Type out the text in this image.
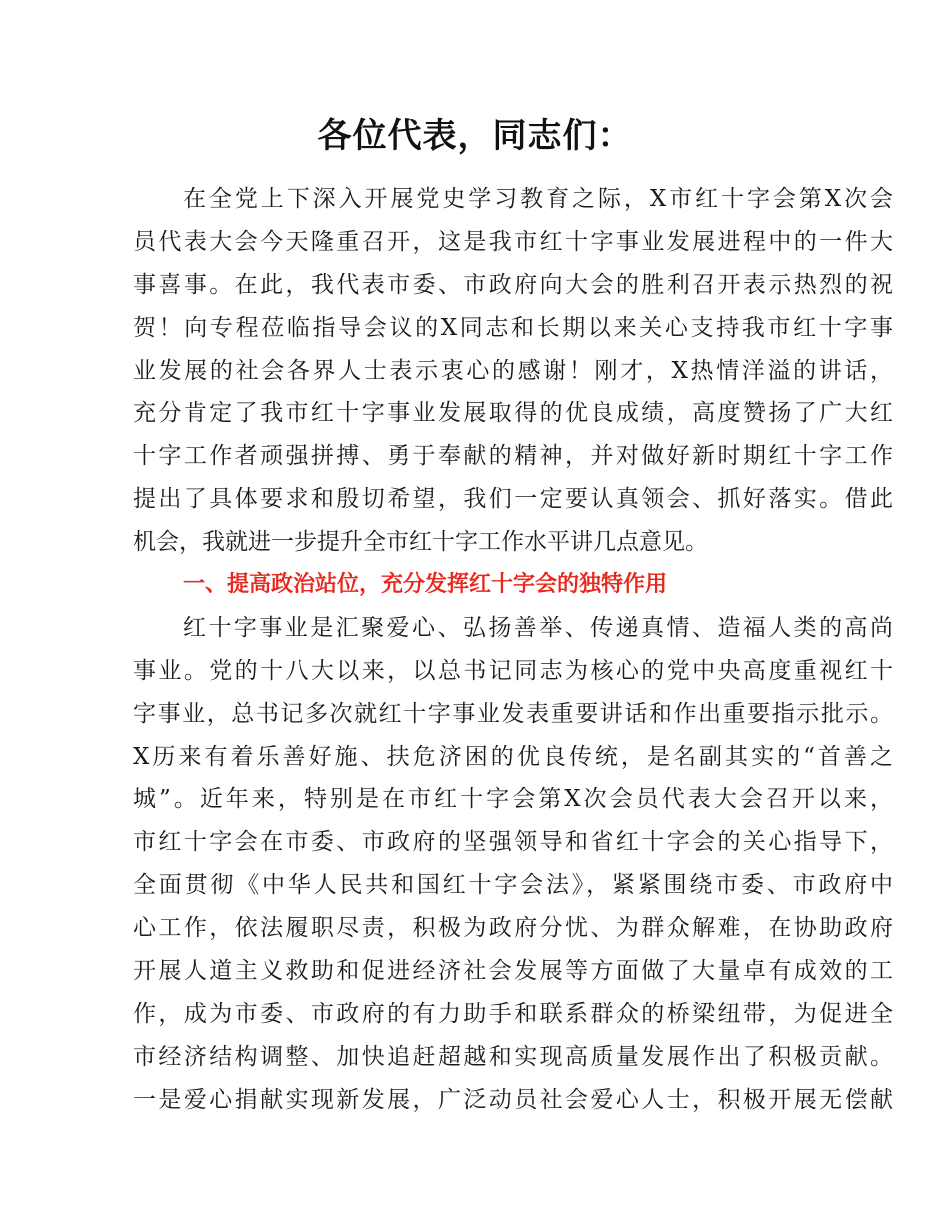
各位代表，同志们：
在全党上下深入开展党史学习教育之际，X市红十字会第X次会
员代表大会今天隆重召开，这是我市红十字事业发展进程中的一件大
事喜事。在此，我代表市委、市政府向大会的胜利召开表示热烈的祝
贺！向专程莅临指导会议的X同志和长期以来关心支持我市红十字事
业发展的社会各界人士表示衷心的感谢！刚才，X热情洋溢的讲话，
充分肯定了我市红十字事业发展取得的优良成绩，高度赞扬了广大红
十字工作者顽强拼搏、勇于奉献的精神，并对做好新时期红十字工作
提出了具体要求和殷切希望，我们一定要认真领会、抓好落实。借此
机会，我就进一步提升全市红十字工作水平讲几点意见。
一、提高政治站位，充分发挥红十字会的独特作用
红十字事业是汇聚爱心、弘扬善举、传递真情、造福人类的高尚
事业。党的十八大以来，以总书记同志为核心的党中央高度重视红十
字事业，总书记多次就红十字事业发表重要讲话和作出重要指示批示。
X历来有着乐善好施、扶危济困的优良传统，是名副其实的“首善之
城”。近年来，特别是在市红十字会第X次会员代表大会召开以来，
市红十字会在市委、市政府的坚强领导和省红十字会的关心指导下，
全面贯彻《中华人民共和国红十字会法》，紧紧围绕市委、市政府中
心工作，依法履职尽责，积极为政府分忧、为群众解难，在协助政府
开展人道主义救助和促进经济社会发展等方面做了大量卓有成效的工
作，成为市委、市政府的有力助手和联系群众的桥梁纽带，为促进全
市经济结构调整、加快追赶超越和实现高质量发展作出了积极贡献。
一是爱心捐献实现新发展，广泛动员社会爱心人士，积极开展无偿献
